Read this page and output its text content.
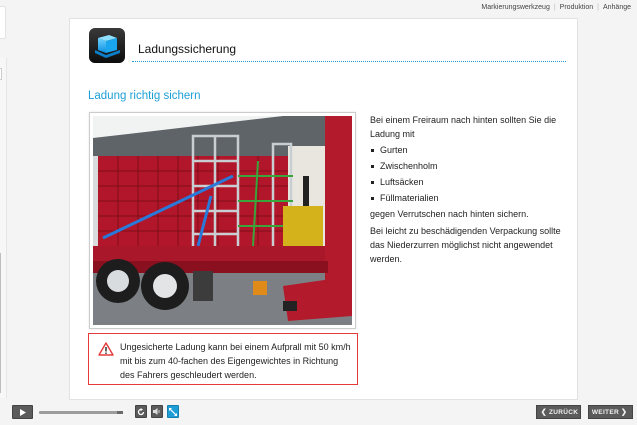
Markierungswerkzeug | Produktion | Anhänge
Ladungssicherung
Ladung richtig sichern
Ungesicherte Ladung kann bei einem Aufprall mit 50 km/h mit bis zum 40-fachen des Eigengewichtes in Richtung des Fahrers geschleudert werden.

Bei einem Freiraum nach hinten sollten Sie die Ladung mit

Gurten
Zwischenholm
Luftsäcken
Füllmaterialien

gegen Verrutschen nach hinten sichern.

Bei leicht zu beschädigenden Verpackung sollte das Niederzurren möglichst nicht angewendet werden.

❮ ZURÜCK WEITER ❯
